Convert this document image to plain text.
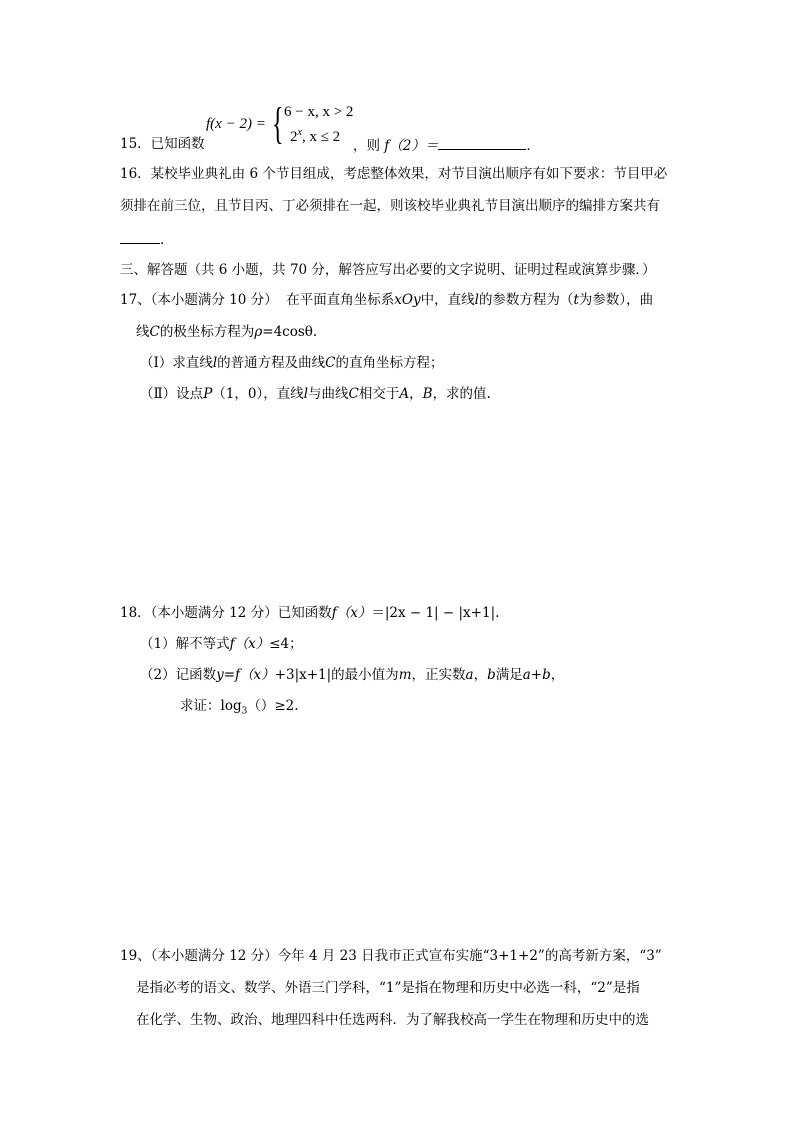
15．已知函数
f(x − 2) = { 6 − x, x > 2
2$^x$, x ≤ 2
，则 f（2）＝	．
16．某校毕业典礼由 6 个节目组成，考虑整体效果，对节目演出顺序有如下要求：节目甲必
须排在前三位，且节目丙、丁必须排在一起，则该校毕业典礼节目演出顺序的编排方案共有
.
三、解答题（共 6 小题，共 70 分，解答应写出必要的文字说明、证明过程或演算步骤．）
17、（本小题满分 10 分） 在平面直角坐标系xOy中，直线l的参数方程为（t为参数），曲
线C的极坐标方程为ρ=4cosθ.
（Ⅰ）求直线l的普通方程及曲线C的直角坐标方程；
（Ⅱ）设点P（1，0），直线l与曲线C相交于A，B，求的值.
18．（本小题满分 12 分）已知函数f（x）＝|2x − 1| − |x+1|.
（1）解不等式f（x）≤4；
（2）记函数y=f（x）+3|x+1|的最小值为m，正实数a，b满足a+b，
求证：$\log_3()\ge 2$.
19、（本小题满分 12 分）今年 4 月 23 日我市正式宣布实施“3+1+2”的高考新方案，“3”
是指必考的语文、数学、外语三门学科，“1”是指在物理和历史中必选一科，“2”是指
在化学、生物、政治、地理四科中任选两科．为了解我校高一学生在物理和历史中的选
